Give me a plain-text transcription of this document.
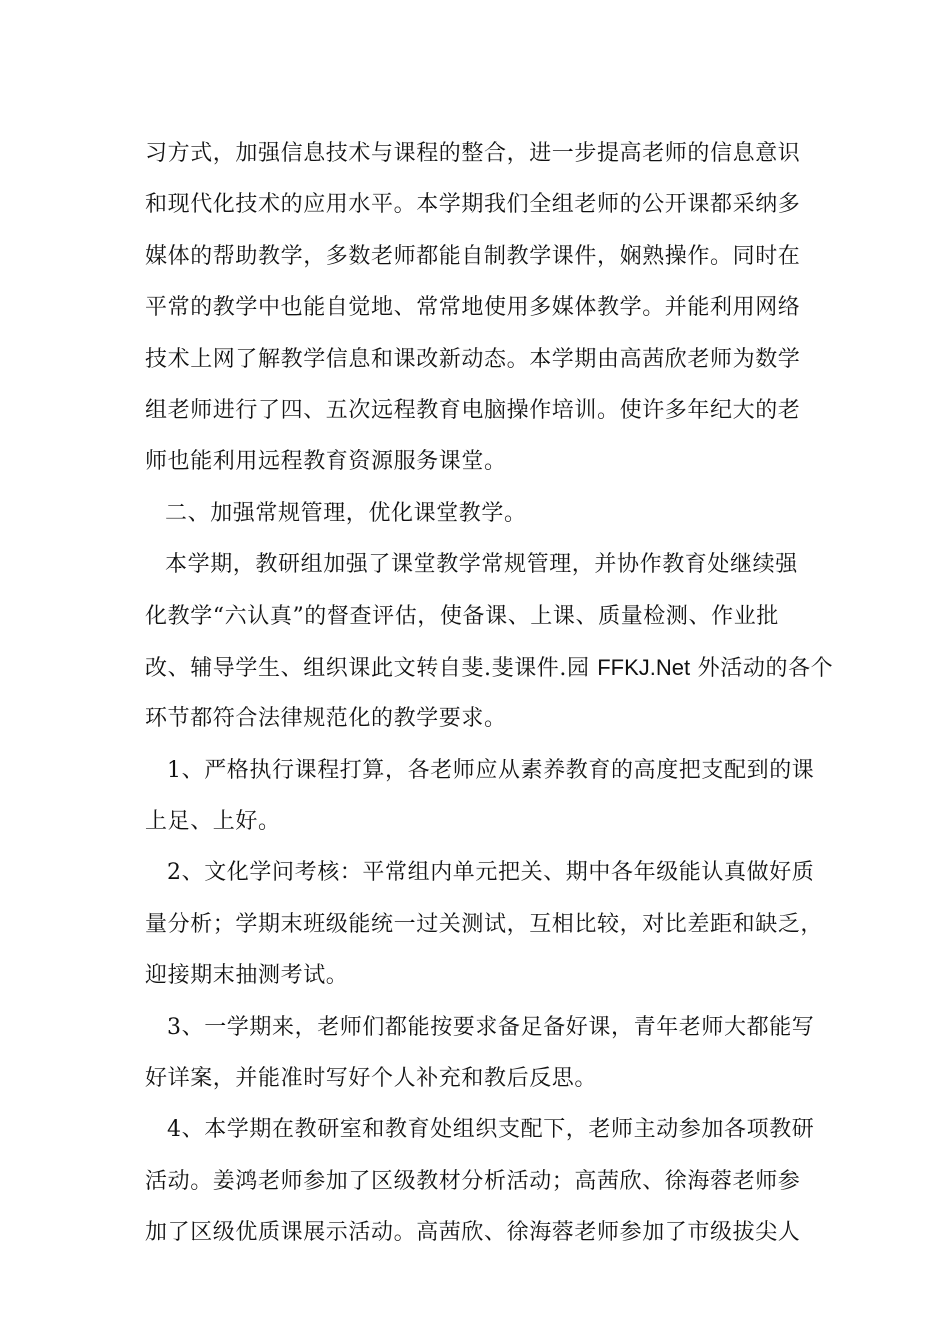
习方式，加强信息技术与课程的整合，进一步提高老师的信息意识
和现代化技术的应用水平。本学期我们全组老师的公开课都采纳多
媒体的帮助教学，多数老师都能自制教学课件，娴熟操作。同时在
平常的教学中也能自觉地、常常地使用多媒体教学。并能利用网络
技术上网了解教学信息和课改新动态。本学期由高茜欣老师为数学
组老师进行了四、五次远程教育电脑操作培训。使许多年纪大的老
师也能利用远程教育资源服务课堂。
二、加强常规管理，优化课堂教学。
本学期，教研组加强了课堂教学常规管理，并协作教育处继续强
化教学“六认真”的督查评估，使备课、上课、质量检测、作业批
改、辅导学生、组织课此文转自斐.斐课件.园 FFKJ.Net 外活动的各个
环节都符合法律规范化的教学要求。
1、严格执行课程打算，各老师应从素养教育的高度把支配到的课
上足、上好。
2、文化学问考核：平常组内单元把关、期中各年级能认真做好质
量分析；学期末班级能统一过关测试，互相比较，对比差距和缺乏，
迎接期末抽测考试。
3、一学期来，老师们都能按要求备足备好课，青年老师大都能写
好详案，并能准时写好个人补充和教后反思。
4、本学期在教研室和教育处组织支配下，老师主动参加各项教研
活动。姜鸿老师参加了区级教材分析活动；高茜欣、徐海蓉老师参
加了区级优质课展示活动。高茜欣、徐海蓉老师参加了市级拔尖人
